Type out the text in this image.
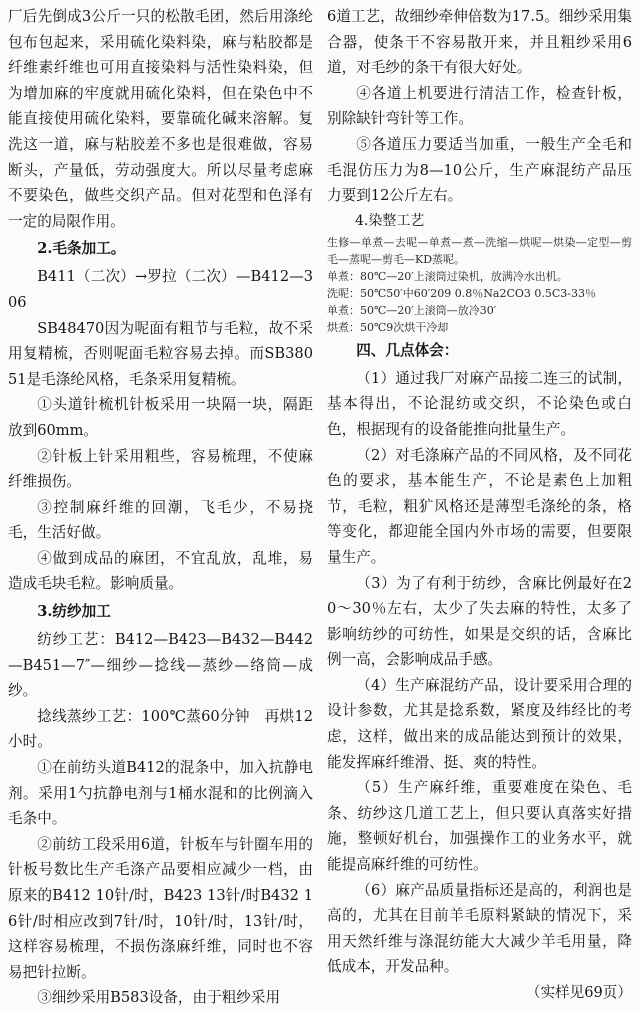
厂后先倒成3公斤一只的松散毛团，然后用涤纶包布包起来，采用硫化染料染，麻与粘胶都是纤维素纤维也可用直接染料与活性染料染，但为增加麻的牢度就用硫化染料，但在染色中不能直接使用硫化染料，要靠硫化碱来溶解。复洗这一道，麻与粘胶差不多也是很难做，容易断头，产量低，劳动强度大。所以尽量考虑麻不要染色，做些交织产品。但对花型和色泽有一定的局限作用。

2.毛条加工。

B411（二次）→罗拉（二次）—B412—306

SB48470因为呢面有粗节与毛粒，故不采用复精梳，否则呢面毛粒容易去掉。而SB38051是毛涤纶风格，毛条采用复精梳。

①头道针梳机针板采用一块隔一块，隔距放到60mm。

②针板上针采用粗些，容易梳理，不使麻纤维损伤。

③控制麻纤维的回潮，飞毛少，不易挠毛，生活好做。

④做到成品的麻团，不宜乱放，乱堆，易造成毛块毛粒。影响质量。

3.纺纱加工

纺纱工艺：B412—B423—B432—B442—B451—7″—细纱—捻线—蒸纱—络筒—成纱。

捻线蒸纱工艺：100℃蒸60分钟　再烘12小时。

①在前纺头道B412的混条中，加入抗静电剂。采用1勺抗静电剂与1桶水混和的比例滴入毛条中。

②前纺工段采用6道，针板车与针圈车用的针板号数比生产毛涤产品要相应减少一档，由原来的B412 10针/时，B423 13针/时B432 16针/时相应改到7针/时，10针/时，13针/时，这样容易梳理，不损伤涤麻纤维，同时也不容易把针拉断。

③细纱采用B583设备，由于粗纱采用

6道工艺，故细纱牵伸倍数为17.5。细纱采用集合器，使条干不容易散开来，并且粗纱采用6道，对毛纱的条干有很大好处。

④各道上机要进行清洁工作，检查针板，别除缺针弯针等工作。

⑤各道压力要适当加重，一般生产全毛和毛混仿压力为8—10公斤，生产麻混纺产品压力要到12公斤左右。

4.染整工艺

生修—单煮—去呢—单煮—煮—洗缩—烘呢—烘染—定型—剪毛—蒸呢—剪毛—KD蒸呢。

单煮：80℃—20′上滚筒过染机，放满冷水出机。

洗呢：50℃50′中60′209 0.8％Na2CO3 0.5C3-33％

单煮：50℃—20′上滚筒—放冷30′

烘煮：50℃9次烘干冷却

四、几点体会：

（1）通过我厂对麻产品接二连三的试制，基本得出，不论混纺或交织，不论染色或白色，根据现有的设备能推向批量生产。

（2）对毛涤麻产品的不同风格，及不同花色的要求，基本能生产，不论是素色上加粗节，毛粒，粗犷风格还是薄型毛涤纶的条，格等变化，都迎能全国内外市场的需要，但要限量生产。

（3）为了有利于纺纱，含麻比例最好在20～30％左右，太少了失去麻的特性，太多了影响纺纱的可纺性，如果是交织的话，含麻比例一高，会影响成品手感。

（4）生产麻混纺产品，设计要采用合理的设计参数，尤其是捻系数，紧度及纬经比的考虑，这样，做出来的成品能达到预计的效果，能发挥麻纤维滑、挺、爽的特性。

（5）生产麻纤维，重要难度在染色、毛条、纺纱这几道工艺上，但只要认真落实好措施，整顿好机台，加强操作工的业务水平，就能提高麻纤维的可纺性。

（6）麻产品质量指标还是高的，利润也是高的，尤其在目前羊毛原料紧缺的情况下，采用天然纤维与涤混纺能大大减少羊毛用量，降低成本，开发品种。

（实样见69页）
